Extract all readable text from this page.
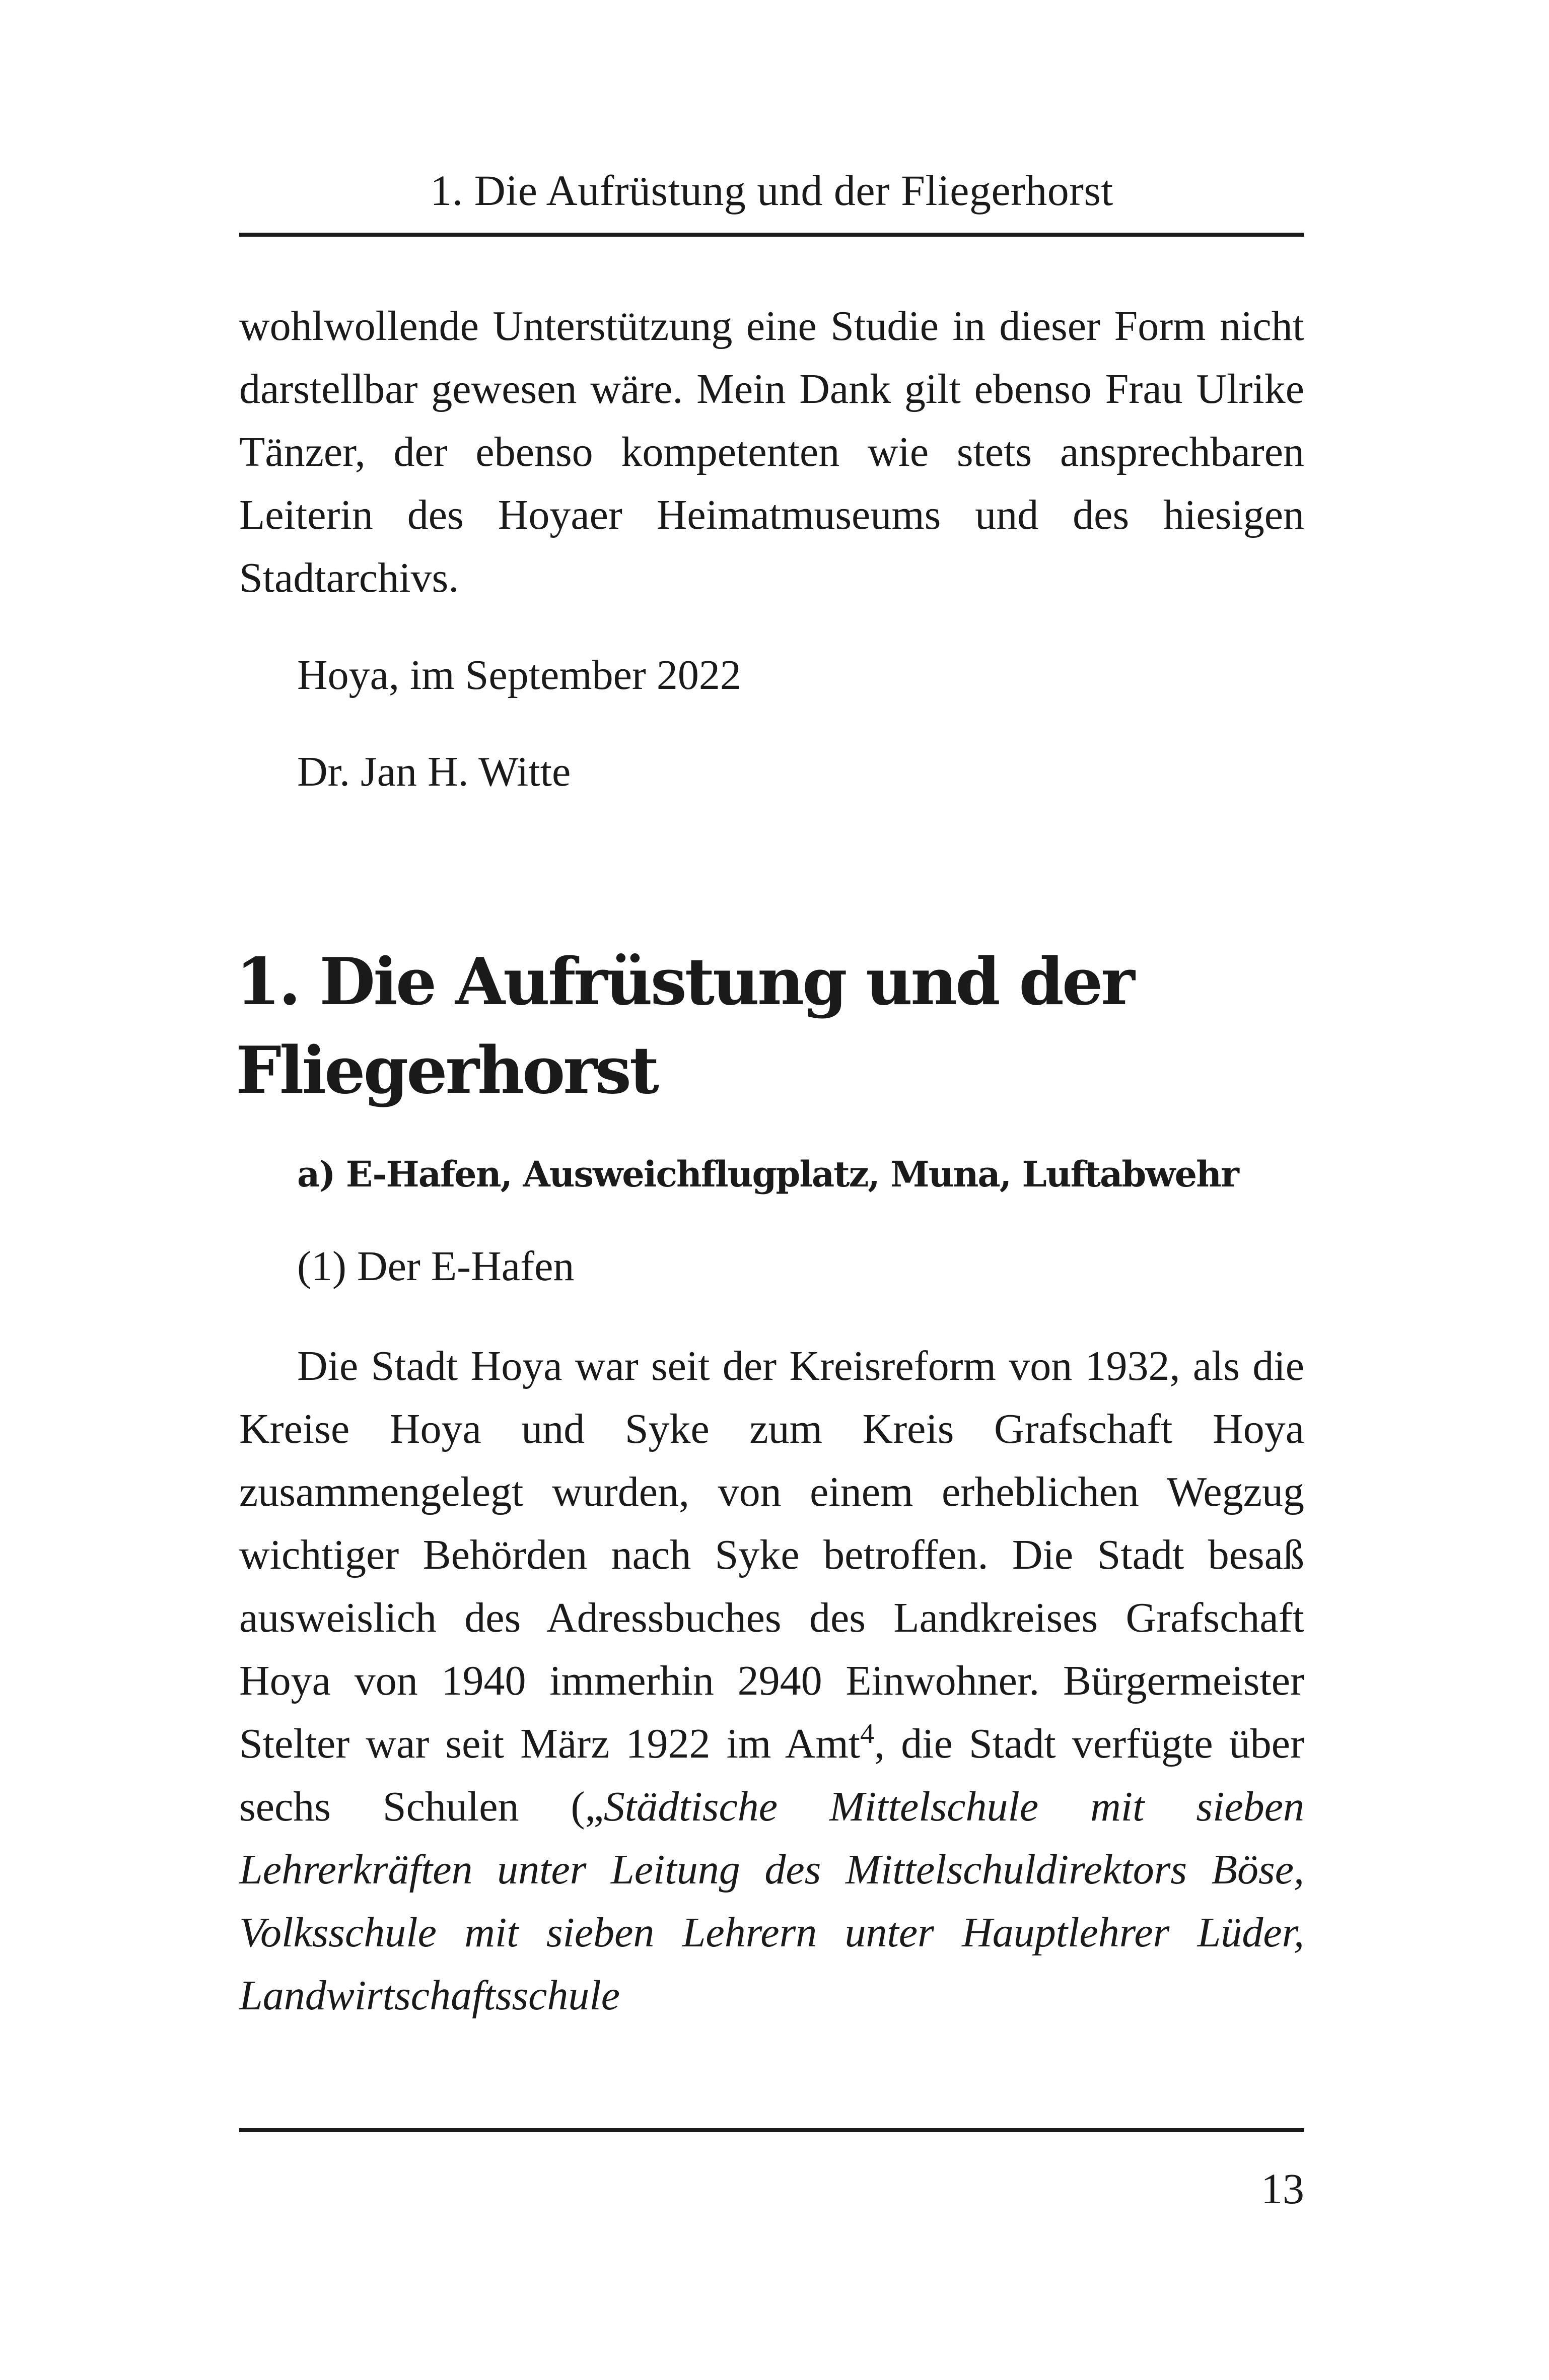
1. Die Aufrüstung und der Fliegerhorst
wohlwollende Unterstützung eine Studie in dieser Form nicht darstellbar gewesen wäre. Mein Dank gilt ebenso Frau Ulrike Tänzer, der ebenso kompetenten wie stets ansprechbaren Leiterin des Hoyaer Heimatmuseums und des hiesigen Stadtarchivs.
Hoya, im September 2022
Dr. Jan H. Witte
1. Die Aufrüstung und der Fliegerhorst
a) E-Hafen, Ausweichflugplatz, Muna, Luftabwehr
(1) Der E-Hafen
Die Stadt Hoya war seit der Kreisreform von 1932, als die Kreise Hoya und Syke zum Kreis Grafschaft Hoya zusammengelegt wurden, von einem erheblichen Wegzug wichtiger Behörden nach Syke betroffen. Die Stadt besaß ausweislich des Adressbuches des Landkreises Grafschaft Hoya von 1940 immerhin 2940 Einwohner. Bürgermeister Stelter war seit März 1922 im Amt$^4$, die Stadt verfügte über sechs Schulen („Städtische Mittelschule mit sieben Lehrerkräften unter Leitung des Mittelschuldirektors Böse, Volksschule mit sieben Lehrern unter Hauptlehrer Lüder, Landwirtschaftsschule
13
